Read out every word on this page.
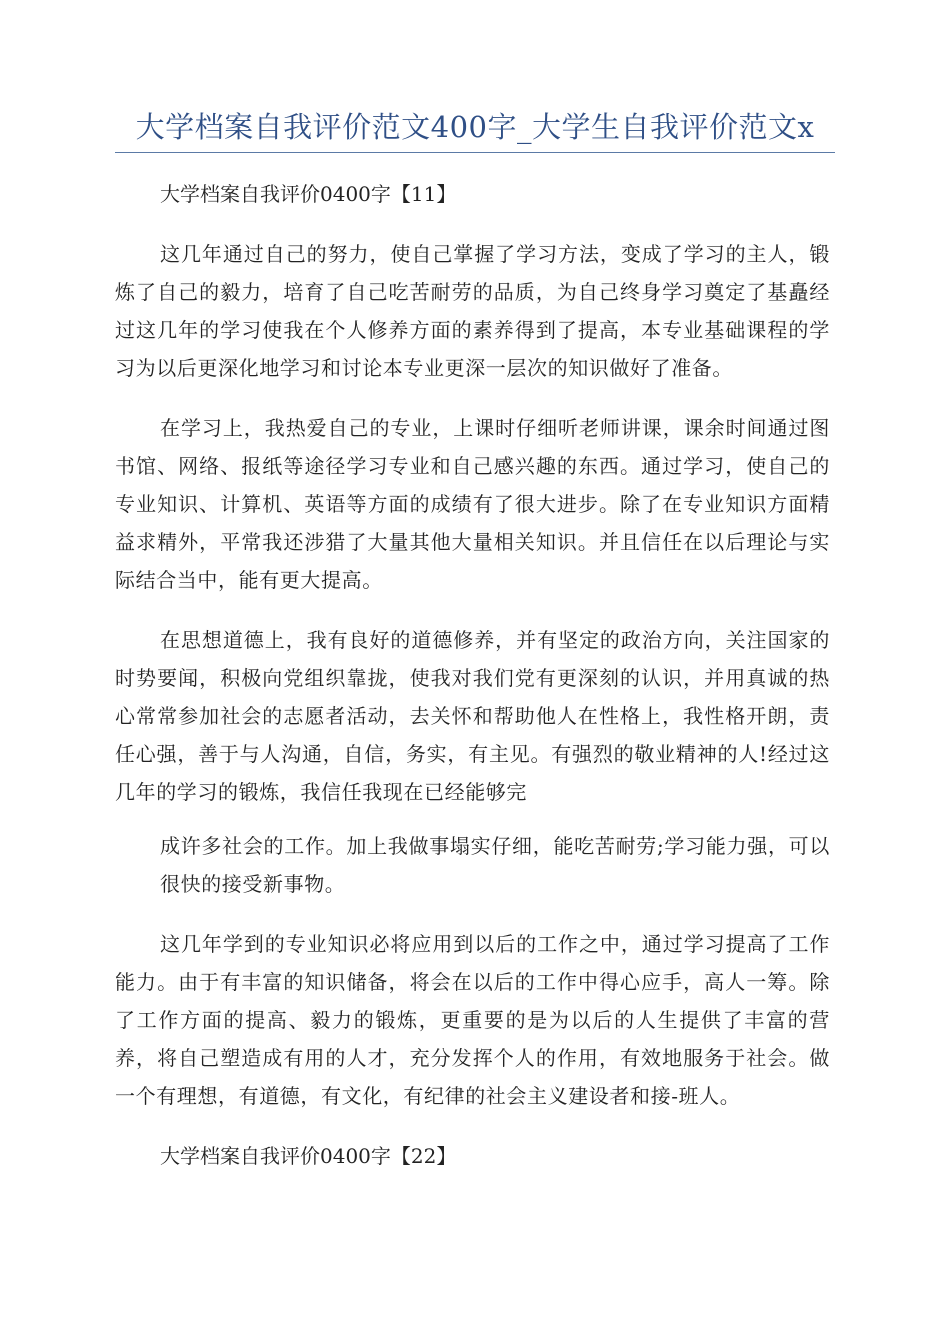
大学档案自我评价范文400字_大学生自我评价范文x
大学档案自我评价0400字【11】

这几年通过自己的努力，使自己掌握了学习方法，变成了学习的主人，锻炼了自己的毅力，培育了自己吃苦耐劳的品质，为自己终身学习奠定了基矗经过这几年的学习使我在个人修养方面的素养得到了提高，本专业基础课程的学习为以后更深化地学习和讨论本专业更深一层次的知识做好了准备。

在学习上，我热爱自己的专业，上课时仔细听老师讲课，课余时间通过图书馆、网络、报纸等途径学习专业和自己感兴趣的东西。通过学习，使自己的专业知识、计算机、英语等方面的成绩有了很大进步。除了在专业知识方面精益求精外，平常我还涉猎了大量其他大量相关知识。并且信任在以后理论与实际结合当中，能有更大提高。

在思想道德上，我有良好的道德修养，并有坚定的政治方向，关注国家的时势要闻，积极向党组织靠拢，使我对我们党有更深刻的认识，并用真诚的热心常常参加社会的志愿者活动，去关怀和帮助他人在性格上，我性格开朗，责任心强，善于与人沟通，自信，务实，有主见。有强烈的敬业精神的人!经过这几年的学习的锻炼，我信任我现在已经能够完

成许多社会的工作。加上我做事塌实仔细，能吃苦耐劳;学习能力强，可以很快的接受新事物。

这几年学到的专业知识必将应用到以后的工作之中，通过学习提高了工作能力。由于有丰富的知识储备，将会在以后的工作中得心应手，高人一筹。除了工作方面的提高、毅力的锻炼，更重要的是为以后的人生提供了丰富的营养，将自己塑造成有用的人才，充分发挥个人的作用，有效地服务于社会。做一个有理想，有道德，有文化，有纪律的社会主义建设者和接-班人。

大学档案自我评价0400字【22】
